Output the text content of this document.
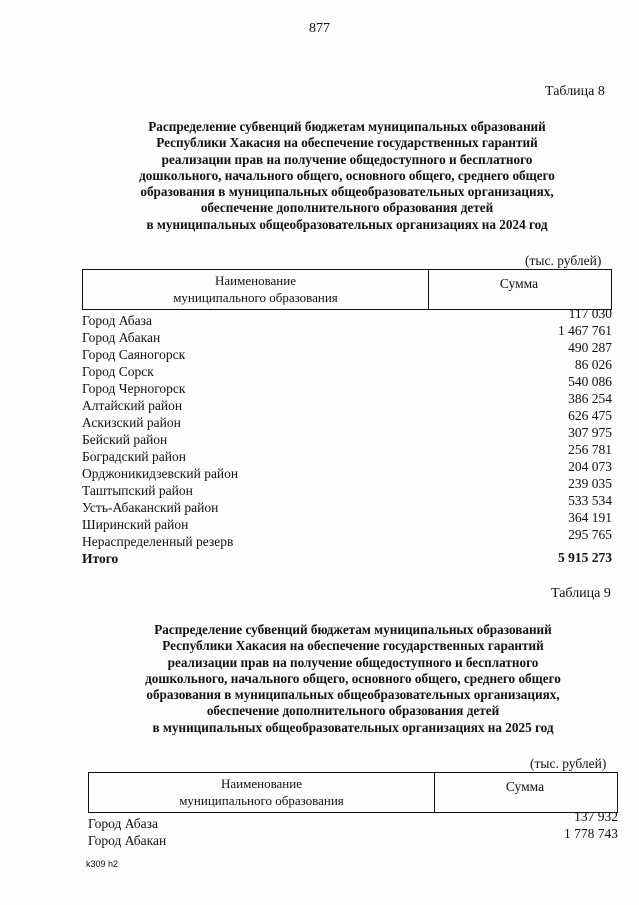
877
Таблица 8
Распределение субвенций бюджетам муниципальных образований
Республики Хакасия на обеспечение государственных гарантий
реализации прав на получение общедоступного и бесплатного
дошкольного, начального общего, основного общего, среднего общего
образования в муниципальных общеобразовательных организациях,
обеспечение дополнительного образования детей
в муниципальных общеобразовательных организациях на 2024 год
(тыс. рублей)
Наименование
муниципального образования
Сумма
Город Абаза	117 030
Город Абакан	1 467 761
Город Саяногорск	490 287
Город Сорск	86 026
Город Черногорск	540 086
Алтайский район	386 254
Аскизский район	626 475
Бейский район	307 975
Боградский район	256 781
Орджоникидзевский район	204 073
Таштыпский район	239 035
Усть-Абаканский район	533 534
Ширинский район	364 191
Нераспределенный резерв	295 765
Итого	5 915 273
Таблица 9
Распределение субвенций бюджетам муниципальных образований
Республики Хакасия на обеспечение государственных гарантий
реализации прав на получение общедоступного и бесплатного
дошкольного, начального общего, основного общего, среднего общего
образования в муниципальных общеобразовательных организациях,
обеспечение дополнительного образования детей
в муниципальных общеобразовательных организациях на 2025 год
(тыс. рублей)
Наименование
муниципального образования
Сумма
Город Абаза	137 932
Город Абакан	1 778 743
k309 h2
